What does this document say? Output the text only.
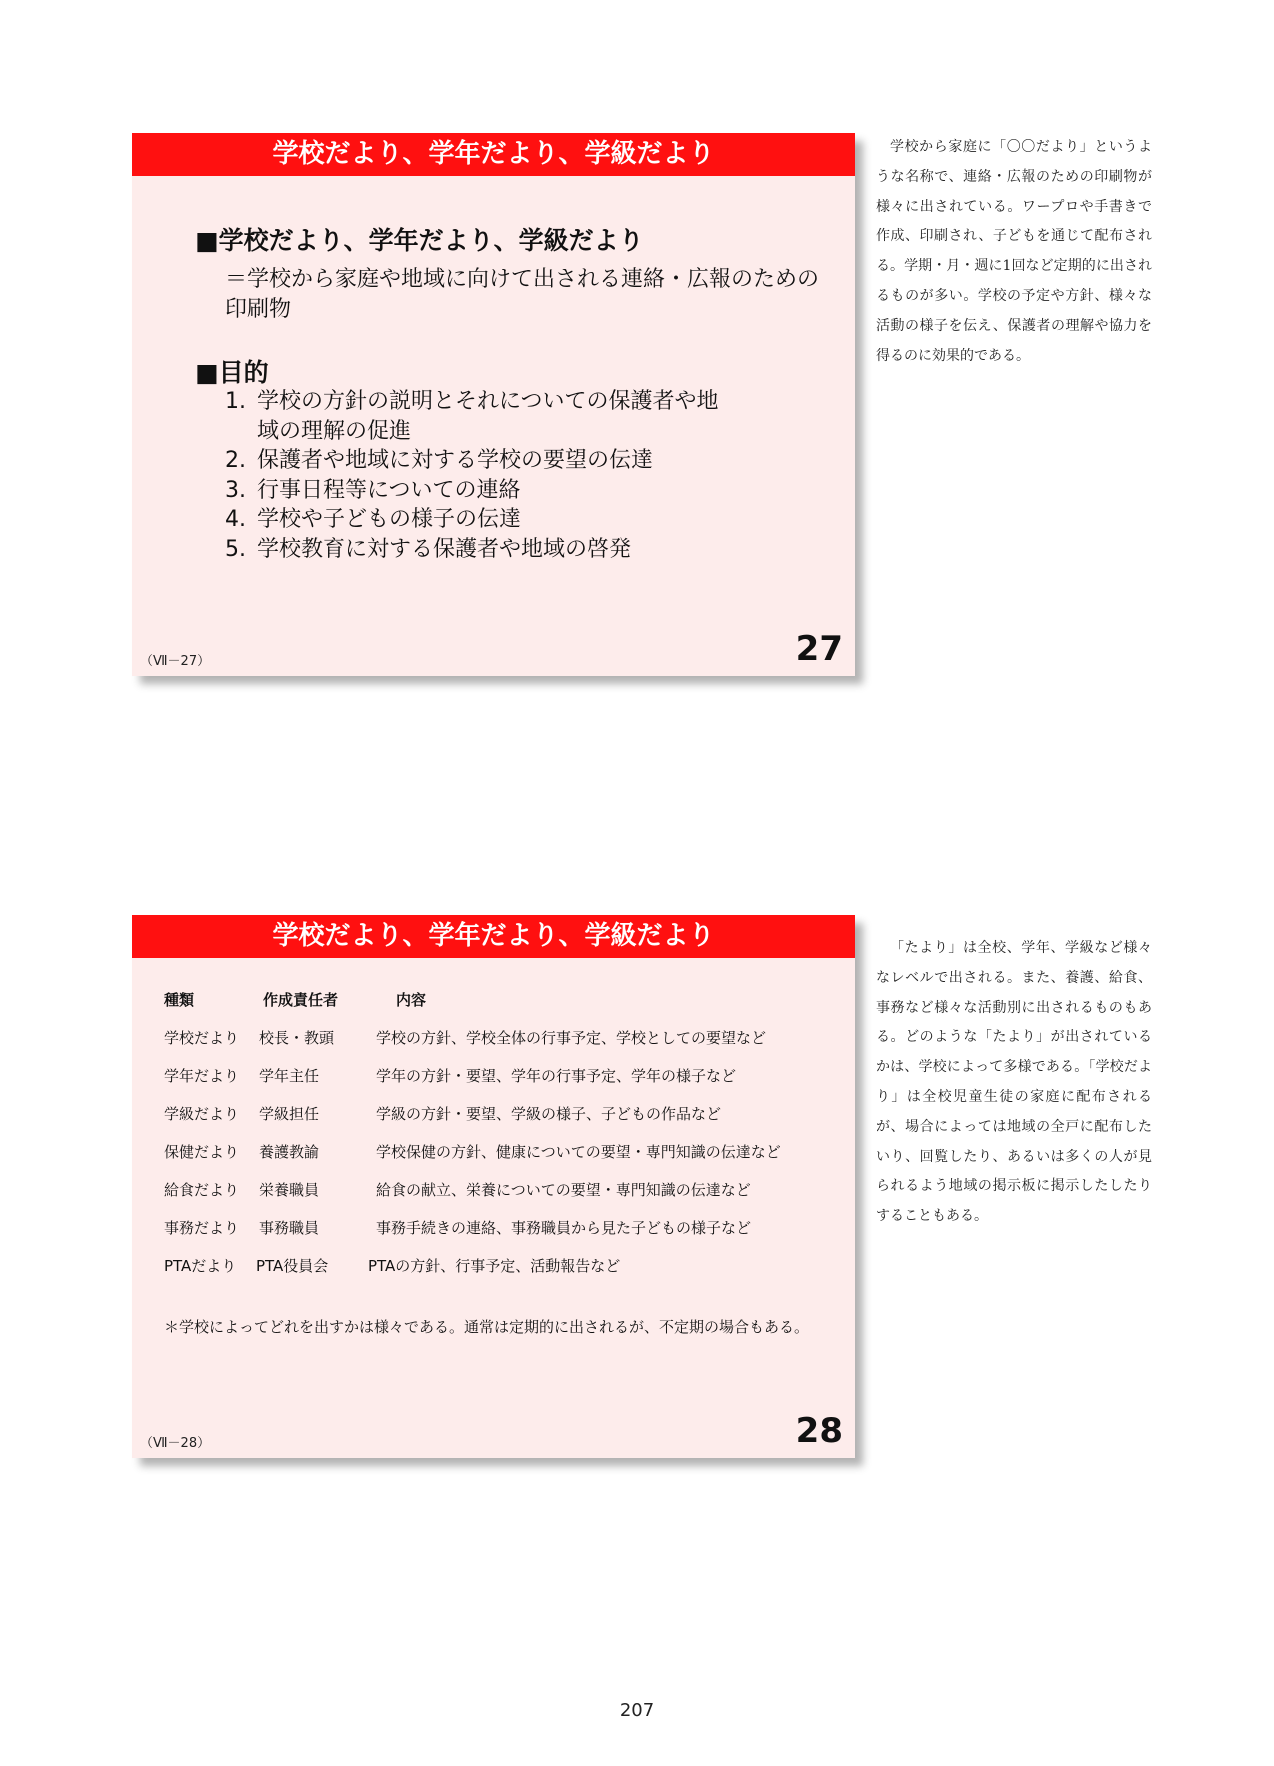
学校だより、学年だより、学級だより
■学校だより、学年だより、学級だより
＝学校から家庭や地域に向けて出される連絡・広報のための印刷物
■目的
1. 学校の方針の説明とそれについての保護者や地域の理解の促進
2. 保護者や地域に対する学校の要望の伝達
3. 行事日程等についての連絡
4. 学校や子どもの様子の伝達
5. 学校教育に対する保護者や地域の啓発
（Ⅶ－27）	27
学校から家庭に「〇〇だより」というような名称で、連絡・広報のための印刷物が様々に出されている。ワープロや手書きで作成、印刷され、子どもを通じて配布される。学期・月・週に1回など定期的に出されるものが多い。学校の予定や方針、様々な活動の様子を伝え、保護者の理解や協力を得るのに効果的である。
学校だより、学年だより、学級だより
種類	作成責任者	内容
学校だより 校長・教頭	学校の方針、学校全体の行事予定、学校としての要望など
学年だより 学年主任	学年の方針・要望、学年の行事予定、学年の様子など
学級だより 学級担任	学級の方針・要望、学級の様子、子どもの作品など
保健だより 養護教諭	学校保健の方針、健康についての要望・専門知識の伝達など
給食だより 栄養職員	給食の献立、栄養についての要望・専門知識の伝達など
事務だより 事務職員	事務手続きの連絡、事務職員から見た子どもの様子など
PTAだより PTA役員会	PTAの方針、行事予定、活動報告など
＊学校によってどれを出すかは様々である。通常は定期的に出されるが、不定期の場合もある。
（Ⅶ－28）	28
「たより」は全校、学年、学級など様々なレベルで出される。また、養護、給食、事務など様々な活動別に出されるものもある。どのような「たより」が出されているかは、学校によって多様である。「学校だより」は全校児童生徒の家庭に配布されるが、場合によっては地域の全戸に配布したいり、回覧したり、あるいは多くの人が見られるよう地域の掲示板に掲示したしたりすることもある。
207
